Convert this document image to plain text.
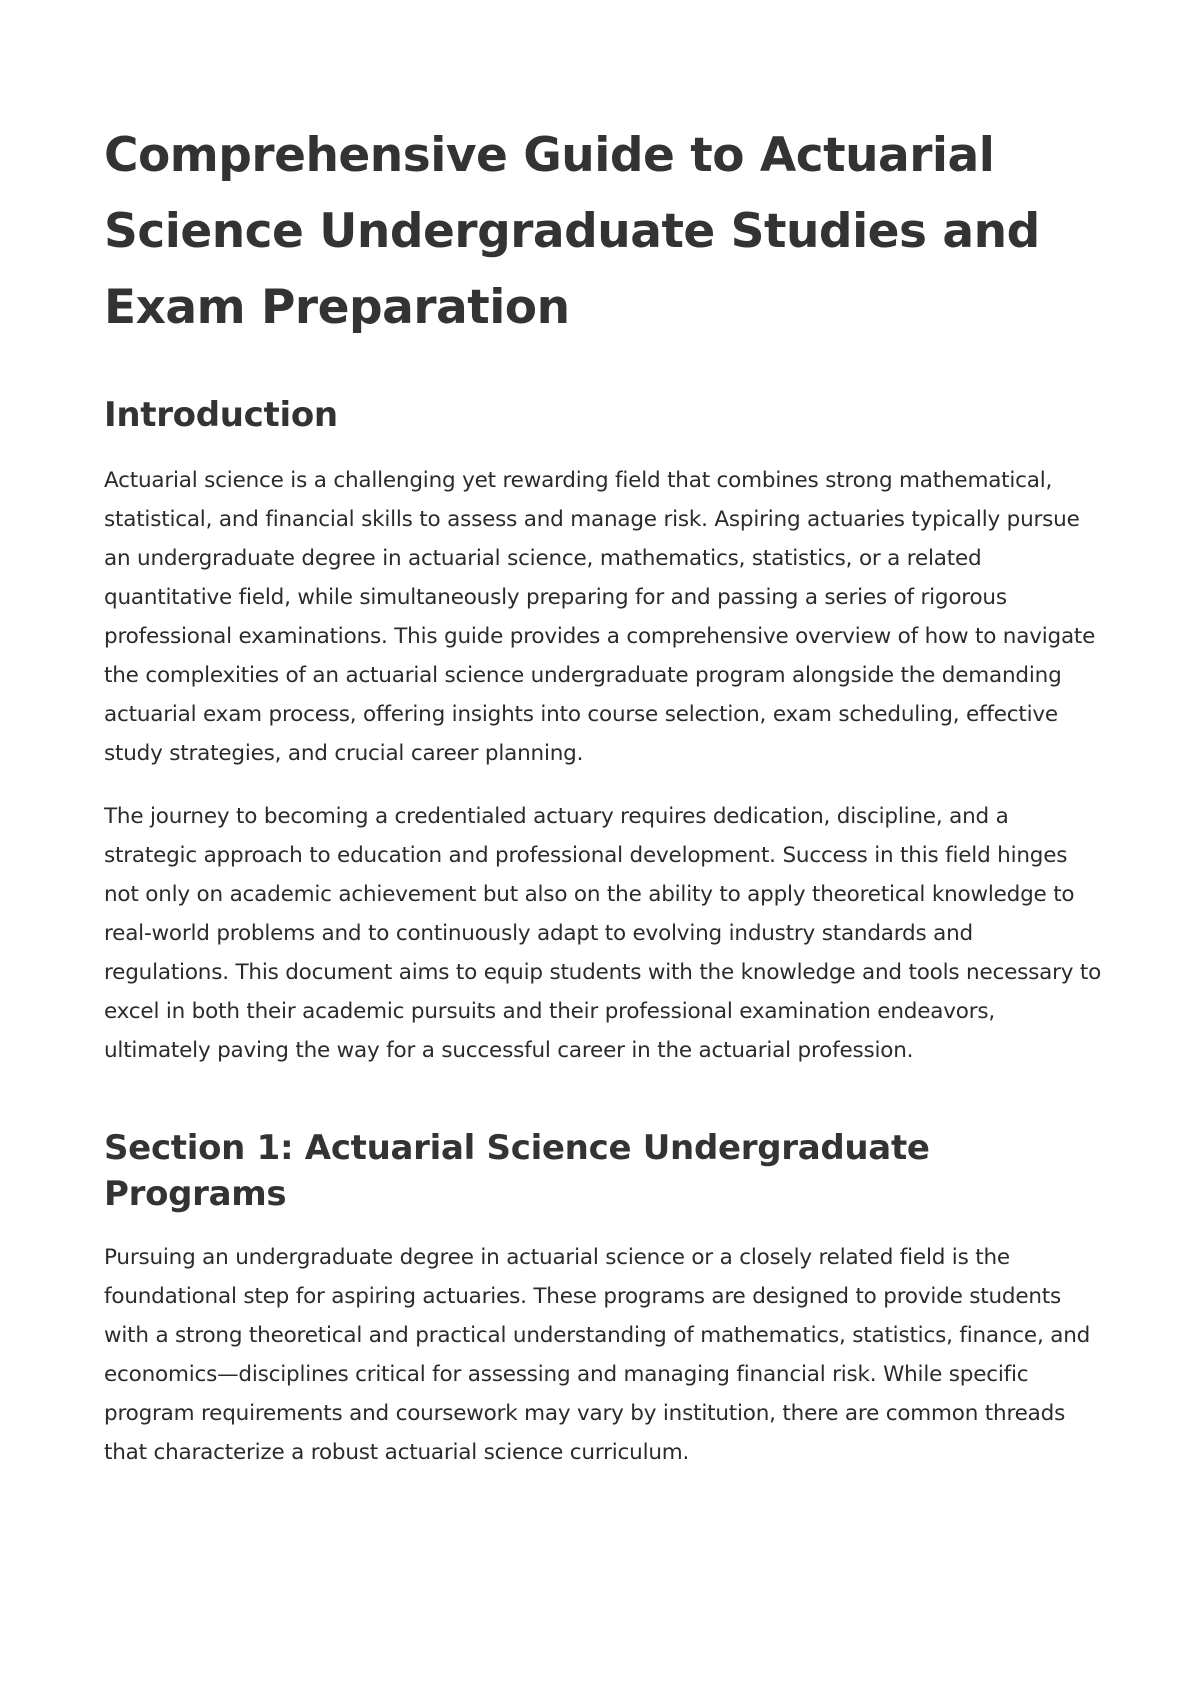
Comprehensive Guide to Actuarial Science Undergraduate Studies and Exam Preparation
Introduction

Actuarial science is a challenging yet rewarding field that combines strong mathematical, statistical, and financial skills to assess and manage risk. Aspiring actuaries typically pursue an undergraduate degree in actuarial science, mathematics, statistics, or a related quantitative field, while simultaneously preparing for and passing a series of rigorous professional examinations. This guide provides a comprehensive overview of how to navigate the complexities of an actuarial science undergraduate program alongside the demanding actuarial exam process, offering insights into course selection, exam scheduling, effective study strategies, and crucial career planning.

The journey to becoming a credentialed actuary requires dedication, discipline, and a strategic approach to education and professional development. Success in this field hinges not only on academic achievement but also on the ability to apply theoretical knowledge to real-world problems and to continuously adapt to evolving industry standards and regulations. This document aims to equip students with the knowledge and tools necessary to excel in both their academic pursuits and their professional examination endeavors, ultimately paving the way for a successful career in the actuarial profession.

Section 1: Actuarial Science Undergraduate Programs

Pursuing an undergraduate degree in actuarial science or a closely related field is the foundational step for aspiring actuaries. These programs are designed to provide students with a strong theoretical and practical understanding of mathematics, statistics, finance, and economics—disciplines critical for assessing and managing financial risk. While specific program requirements and coursework may vary by institution, there are common threads that characterize a robust actuarial science curriculum.
